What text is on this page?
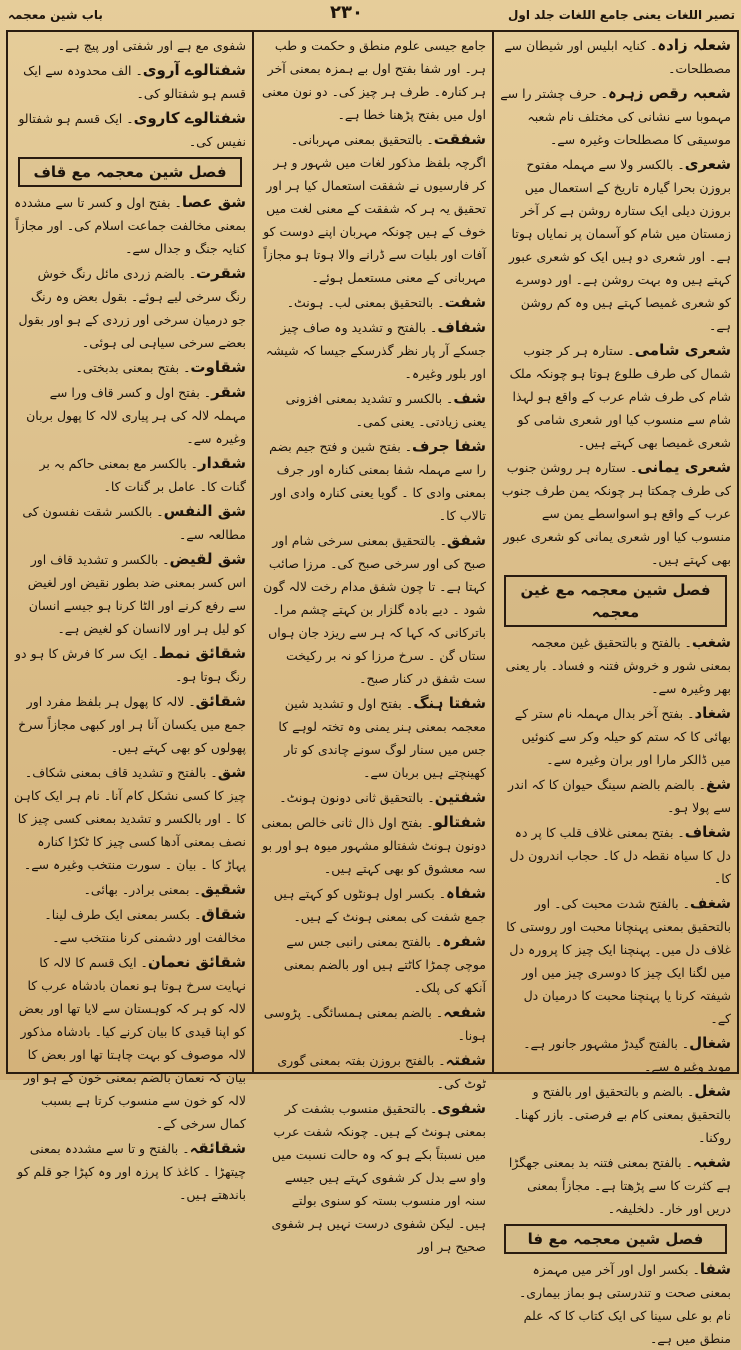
تصیر اللغات یعنی جامع اللغات جلد اول
۲۳۰
باب شین معجمہ
شعلہ زادہ۔ کنایہ ابلیس اور شیطان سے مصطلحات۔
شعبہ رقص زہرہ۔ حرف چشتر را سے مہموبا سے نشانی کی مختلف نام شعبہ موسیقی کا مصطلحات وغیرہ سے۔
شعری۔ بالکسر ولا سے مہملہ مفتوح بروزن بحرا گیارہ تاریخ کے استعمال میں بروزن دیلی ایک ستارہ روشن ہے کر آخر زمستان میں شام کو آسمان پر نمایاں ہوتا ہے۔ اور شعری دو ہیں ایک کو شعری عبور کہتے ہیں وہ بہت روشن ہے۔ اور دوسرے کو شعری غمیصا کہتے ہیں وہ کم روشن ہے۔
شعری شامی۔ ستارہ ہر کر جنوب شمال کی طرف طلوع ہوتا ہو چونکہ ملک شام کی طرف شام عرب کے واقع ہو لہذا شام سے منسوب کیا اور شعری شامی کو شعری غمیصا بھی کہتے ہیں۔
شعری یمانی۔ ستارہ ہر روشن جنوب کی طرف چمکتا ہر چونکہ یمن طرف جنوب عرب کے واقع ہو اسواسطے یمن سے منسوب کیا اور شعری یمانی کو شعری عبور بھی کہتے ہیں۔
فصل شین معجمہ مع غین معجمہ
شغب۔ بالفتح و بالتحقیق غین معجمہ بمعنی شور و خروش فتنہ و فساد۔ بار یعنی بھر وغیرہ سے۔
شغاد۔ بفتح آخر بدال مہملہ نام ستر کے بھائی کا کہ ستم کو حیلہ وکر سے کنوئیں میں ڈالکر مارا اور بران وغیرہ سے۔
شغ۔ بالضم بالضم سینگ حیوان کا کہ اندر سے پولا ہو۔
شغاف۔ بفتح بمعنی غلاف قلب کا پر دہ دل کا سیاہ نقطہ دل کا۔ حجاب اندرون دل کا۔
شغف۔ بالفتح شدت محبت کی۔ اور بالتحقیق بمعنی پہنچانا محبت اور روستی کا غلاف دل میں۔ پہنچنا ایک چیز کا پرورہ دل میں لگنا ایک چیز کا دوسری چیز میں اور شیفتہ کرنا یا پہنچنا محبت کا درمیان دل کے۔
شغال۔ بالفتح گیدڑ مشہور جانور ہے۔ موید وغیرہ سے۔
شغل۔ بالضم و بالتحقیق اور بالفتح و بالتحقیق بمعنی کام بے فرصتی۔ بازر کھنا۔ روکنا۔
شغبہ۔ بالفتح بمعنی فتنہ بد بمعنی جھگڑا ہے کثرت کا سے پڑھتا ہے۔ مجازاً بمعنی دریں اور خار۔ دلخلیفہ۔
فصل شین معجمہ مع فا
شفا۔ بکسر اول اور آخر میں مہمزہ بمعنی صحت و تندرستی ہو بماز بیماری۔ نام بو علی سینا کی ایک کتاب کا کہ علم منطق میں ہے۔
جامع جیسی علوم منطق و حکمت و طب ہر۔ اور شفا بفتح اول بے ہمزہ بمعنی آخر ہر کنارہ۔ طرف ہر چیز کی۔ دو نون معنی اول میں بفتح پڑھنا خطا ہے۔
شفقت۔ بالتحقیق بمعنی مہربانی۔ اگرچہ بلفظ مذکور لغات میں شہور و ہر کر فارسیوں نے شفقت استعمال کیا ہر اور تحقیق یہ ہر کہ شفقت کے معنی لغت میں خوف کے ہیں چونکہ مہربان اپنے دوست کو آفات اور بلیات سے ڈرانے والا ہوتا ہو مجازاً مہربانی کے معنی مستعمل ہوئے۔
شفت۔ بالتحقیق بمعنی لب۔ ہونٹ۔
شفاف۔ بالفتح و تشدید وہ صاف چیز جسکے آر پار نظر گذرسکے جیسا کہ شیشہ اور بلور وغیرہ۔
شف۔ بالکسر و تشدید بمعنی افزونی یعنی زیادتی۔ یعنی کمی۔
شفا جرف۔ بفتح شین و فتح جیم بضم را سے مہملہ شفا بمعنی کنارہ اور جرف بمعنی وادی کا ۔ گویا یعنی کنارہ وادی اور تالاب کا۔
شفق۔ بالتحقیق بمعنی سرخی شام اور صبح کی اور سرخی صبح کی۔ مرزا صائب کہتا ہے۔ تا چون شفق مدام رخت لالہ گون شود ۔ دیے بادہ گلزار بن کہتے چشم مرا۔ باترکانی کہ کہا کہ ہر سے ریزد جان ہواں ستاں گن ۔ سرخ مرزا کو نہ بر رکیخت ست شفق در کنار صبح۔
شفتا ہنگ۔ بفتح اول و تشدید شین معجمہ بمعنی ہنر یمنی وہ تختہ لوہے کا جس میں سنار لوگ سونے چاندی کو تار کھینچتے ہیں بربان سے۔
شفتین۔ بالتحقیق ثانی دونون ہونٹ۔
شفتالو۔ بفتح اول ذال ثانی خالص بمعنی دونون ہونٹ شفتالو مشہور میوہ ہو اور بو سہ معشوق کو بھی کہتے ہیں۔
شفاہ۔ بکسر اول ہونٹوں کو کہتے ہیں جمع شفت کی بمعنی ہونٹ کے ہیں۔
شفرہ۔ بالفتح بمعنی رانبی جس سے موچی چمڑا کاٹتے ہیں اور بالضم بمعنی آنکھ کی پلک۔
شفعہ۔ بالضم بمعنی ہمسائگی۔ پڑوسی ہونا۔
شفتہ۔ بالفتح بروزن بفتہ بمعنی گوری ٹوٹ کی۔
شفوی۔ بالتحقیق منسوب بشفت کر بمعنی ہونٹ کے ہیں۔ چونکہ شفت عرب میں نسبتاً بکے ہو کہ وہ حالت نسبت میں واو سے بدل کر شفوی کہتے ہیں جیسے سنہ اور منسوب بستہ کو سنوی بولتے ہیں۔ لیکن شفوی درست نہیں ہر شفوی صحیح ہر اور
شفوی مع ہے اور شفتی اور پیچ ہے۔
شفتالوے آروی۔ الف محدودہ سے ایک قسم ہو شفتالو کی۔
شفتالوے کاروی۔ ایک قسم ہو شفتالو نفیس کی۔
فصل شین معجمہ مع قاف
شق عصا۔ بفتح اول و کسر تا سے مشددہ بمعنی مخالفت جماعت اسلام کی۔ اور مجازاً کنایہ جنگ و جدال سے۔
شقرت۔ بالضم زردی مائل رنگ خوش رنگ سرخی لیے ہوئے۔ بقول بعض وہ رنگ جو درمیان سرخی اور زردی کے ہو اور بقول بعضے سرخی سیاہی لی ہوئی۔
شقاوت۔ بفتح بمعنی بدبختی۔
شقر۔ بفتح اول و کسر قاف ورا سے مہملہ لالہ کی ہر پیاری لالہ کا پھول بربان وغیرہ سے۔
شقدار۔ بالکسر مع بمعنی حاکم بہ بر گنات کا۔ عامل بر گنات کا۔
شق النفس۔ بالکسر شقت نفسون کی مطالعہ سے۔
شق لقیض۔ بالکسر و تشدید قاف اور اس کسر بمعنی ضد بطور نقیض اور لغیض سے رفع کرنے اور الٹا کرنا ہو جیسے انسان کو لیل ہر اور لاانسان کو لغیض ہے۔
شقائق نمط۔ ایک سر کا فرش کا ہو دو رنگ ہوتا ہو۔
شقائق۔ لالہ کا پھول ہر بلفظ مفرد اور جمع میں یکسان آنا ہر اور کبھی مجازاً سرخ پھولوں کو بھی کہتے ہیں۔
شق۔ بالفتح و تشدید قاف بمعنی شکاف۔ چیز کا کسی نشکل کام آنا۔ نام ہر ایک کاہن کا ۔ اور بالکسر و تشدید بمعنی کسی چیز کا نصف بمعنی آدھا کسی چیز کا ٹکڑا کنارہ پہاڑ کا ۔ بیان ۔ سورت منتخب وغیرہ سے۔
شقیق۔ بمعنی برادر۔ بھائی۔
شقاق۔ بکسر بمعنی ایک طرف لینا۔ مخالفت اور دشمنی کرنا منتخب سے۔
شقائق نعمان۔ ایک قسم کا لالہ کا نہایت سرخ ہوتا ہو نعمان بادشاہ عرب کا لالہ کو ہر کہ کوہستان سے لایا تھا اور بعض کو اپنا قیدی کا بیان کرنے کیا۔ بادشاہ مذکور لالہ موصوف کو بہت چاہتا تھا اور بعض کا بیان کہ نعمان بالضم بمعنی خون کے ہو اور لالہ کو خون سے منسوب کرتا ہے بسبب کمال سرخی کے۔
شقائقہ۔ بالفتح و تا سے مشددہ بمعنی چیتھڑا ۔ کاغذ کا پرزہ اور وہ کپڑا جو قلم کو باندھتے ہیں۔
